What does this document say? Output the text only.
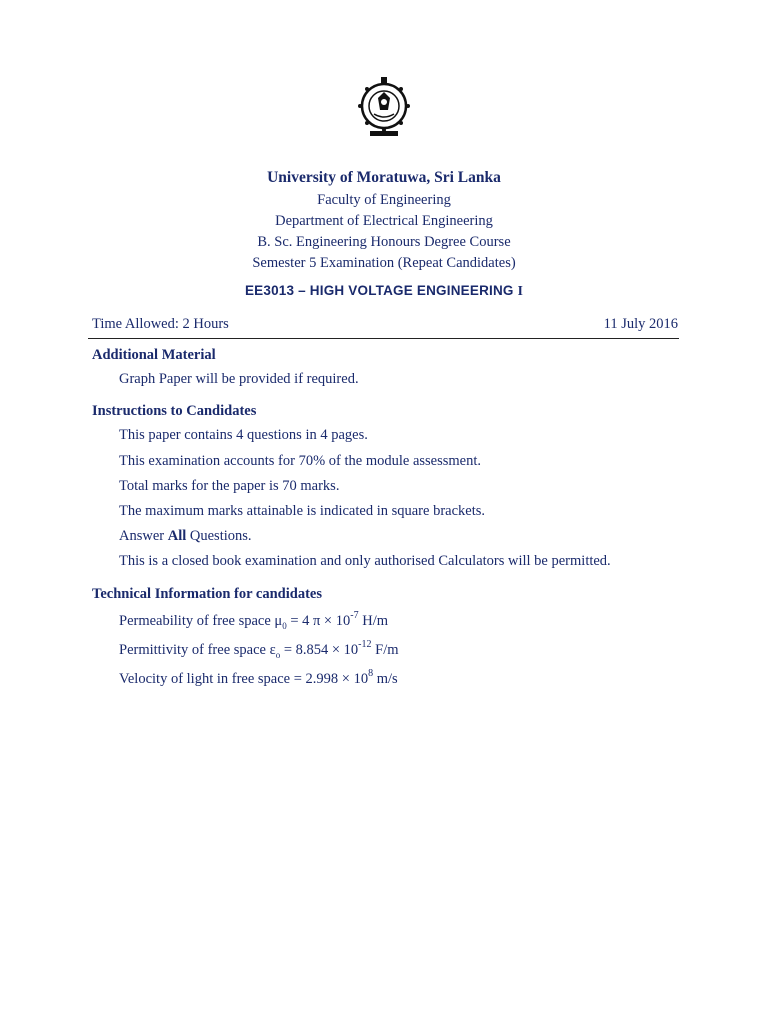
University of Moratuwa, Sri Lanka
Faculty of Engineering
Department of Electrical Engineering
B. Sc. Engineering Honours Degree Course
Semester 5 Examination (Repeat Candidates)
EE3013 – HIGH VOLTAGE ENGINEERING I
Time Allowed: 2 Hours	11 July 2016
Additional Material
Graph Paper will be provided if required.
Instructions to Candidates
This paper contains 4 questions in 4 pages.
This examination accounts for 70% of the module assessment.
Total marks for the paper is 70 marks.
The maximum marks attainable is indicated in square brackets.
Answer All Questions.
This is a closed book examination and only authorised Calculators will be permitted.
Technical Information for candidates
Permeability of free space $\mu_0 = 4$ $\pi \times 10^{-7}$ H/m
Permittivity of free space $\varepsilon_o = 8.854 \times 10^{-12}$ F/m
Velocity of light in free space = $2.998 \times 10^8$ m/s
